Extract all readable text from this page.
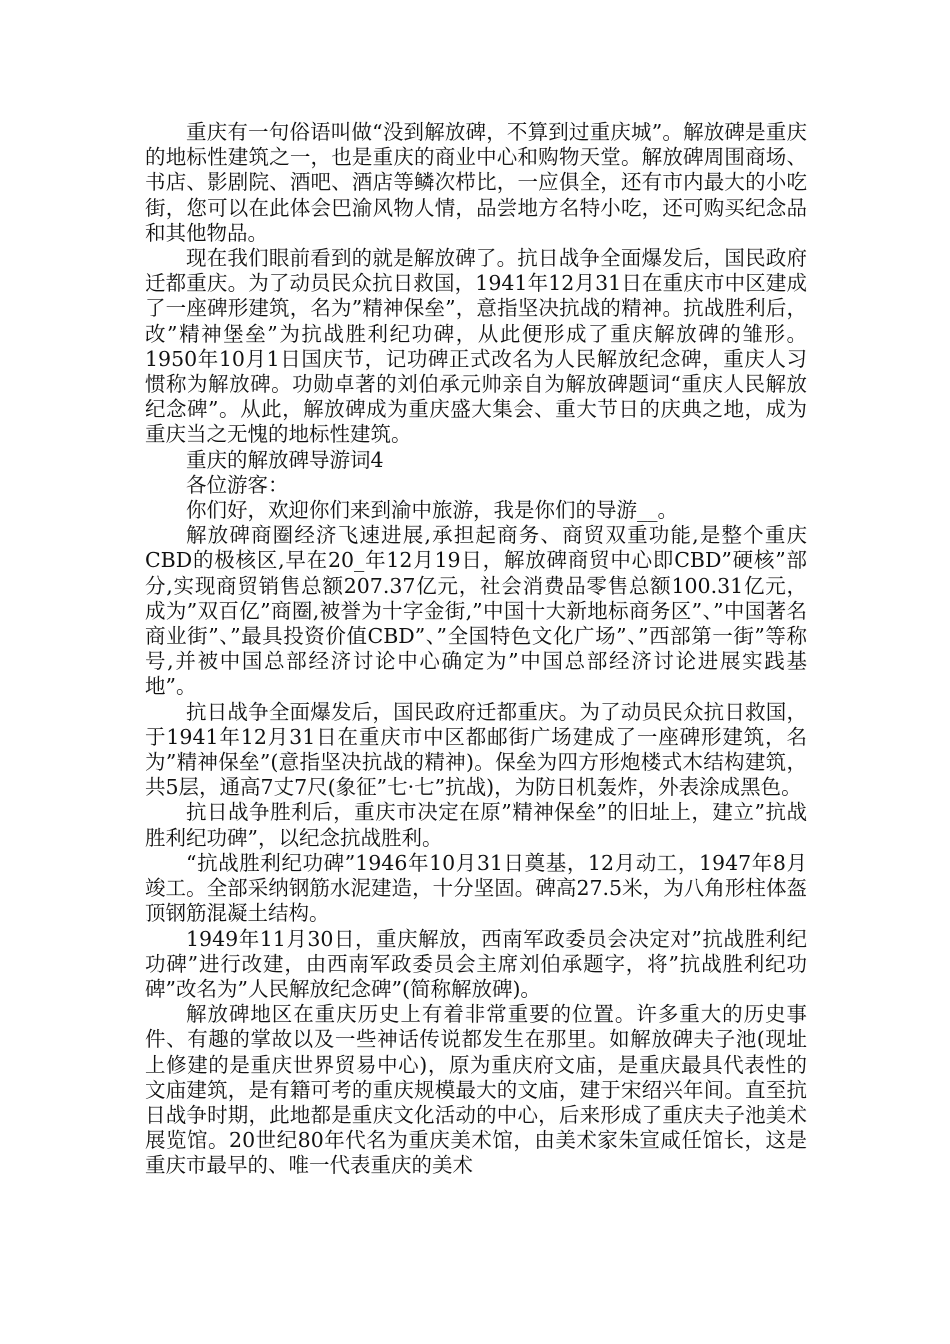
重庆有一句俗语叫做“没到解放碑，不算到过重庆城”。解放碑是重庆的地标性建筑之一，也是重庆的商业中心和购物天堂。解放碑周围商场、书店、影剧院、酒吧、酒店等鳞次栉比，一应俱全，还有市内最大的小吃街，您可以在此体会巴渝风物人情，品尝地方名特小吃，还可购买纪念品和其他物品。

现在我们眼前看到的就是解放碑了。抗日战争全面爆发后，国民政府迁都重庆。为了动员民众抗日救国，1941年12月31日在重庆市中区建成了一座碑形建筑，名为”精神保垒”，意指坚决抗战的精神。抗战胜利后，改”精神堡垒”为抗战胜利纪功碑，从此便形成了重庆解放碑的雏形。1950年10月1日国庆节，记功碑正式改名为人民解放纪念碑，重庆人习惯称为解放碑。功勋卓著的刘伯承元帅亲自为解放碑题词“重庆人民解放纪念碑”。从此，解放碑成为重庆盛大集会、重大节日的庆典之地，成为重庆当之无愧的地标性建筑。

重庆的解放碑导游词4

各位游客：

你们好，欢迎你们来到渝中旅游，我是你们的导游__。

解放碑商圈经济飞速进展,承担起商务、商贸双重功能,是整个重庆CBD的极核区,早在20_年12月19日，解放碑商贸中心即CBD”硬核”部分,实现商贸销售总额207.37亿元，社会消费品零售总额100.31亿元，成为”双百亿”商圈,被誉为十字金街,”中国十大新地标商务区”、”中国著名商业街”、”最具投资价值CBD”、”全国特色文化广场”、”西部第一街”等称号,并被中国总部经济讨论中心确定为”中国总部经济讨论进展实践基地”。

抗日战争全面爆发后，国民政府迁都重庆。为了动员民众抗日救国，于1941年12月31日在重庆市中区都邮街广场建成了一座碑形建筑，名为”精神保垒”(意指坚决抗战的精神)。保垒为四方形炮楼式木结构建筑，共5层，通高7丈7尺(象征”七·七”抗战)，为防日机轰炸，外表涂成黑色。

抗日战争胜利后，重庆市决定在原”精神保垒”的旧址上，建立”抗战胜利纪功碑”，以纪念抗战胜利。

“抗战胜利纪功碑”1946年10月31日奠基，12月动工，1947年8月竣工。全部采纳钢筋水泥建造，十分坚固。碑高27.5米，为八角形柱体盔顶钢筋混凝土结构。

1949年11月30日，重庆解放，西南军政委员会决定对”抗战胜利纪功碑”进行改建，由西南军政委员会主席刘伯承题字，将”抗战胜利纪功碑”改名为”人民解放纪念碑”(简称解放碑)。

解放碑地区在重庆历史上有着非常重要的位置。许多重大的历史事件、有趣的掌故以及一些神话传说都发生在那里。如解放碑夫子池(现址上修建的是重庆世界贸易中心)，原为重庆府文庙，是重庆最具代表性的文庙建筑，是有籍可考的重庆规模最大的文庙，建于宋绍兴年间。直至抗日战争时期，此地都是重庆文化活动的中心，后来形成了重庆夫子池美术展览馆。20世纪80年代名为重庆美术馆，由美术家朱宣咸任馆长，这是重庆市最早的、唯一代表重庆的美术
